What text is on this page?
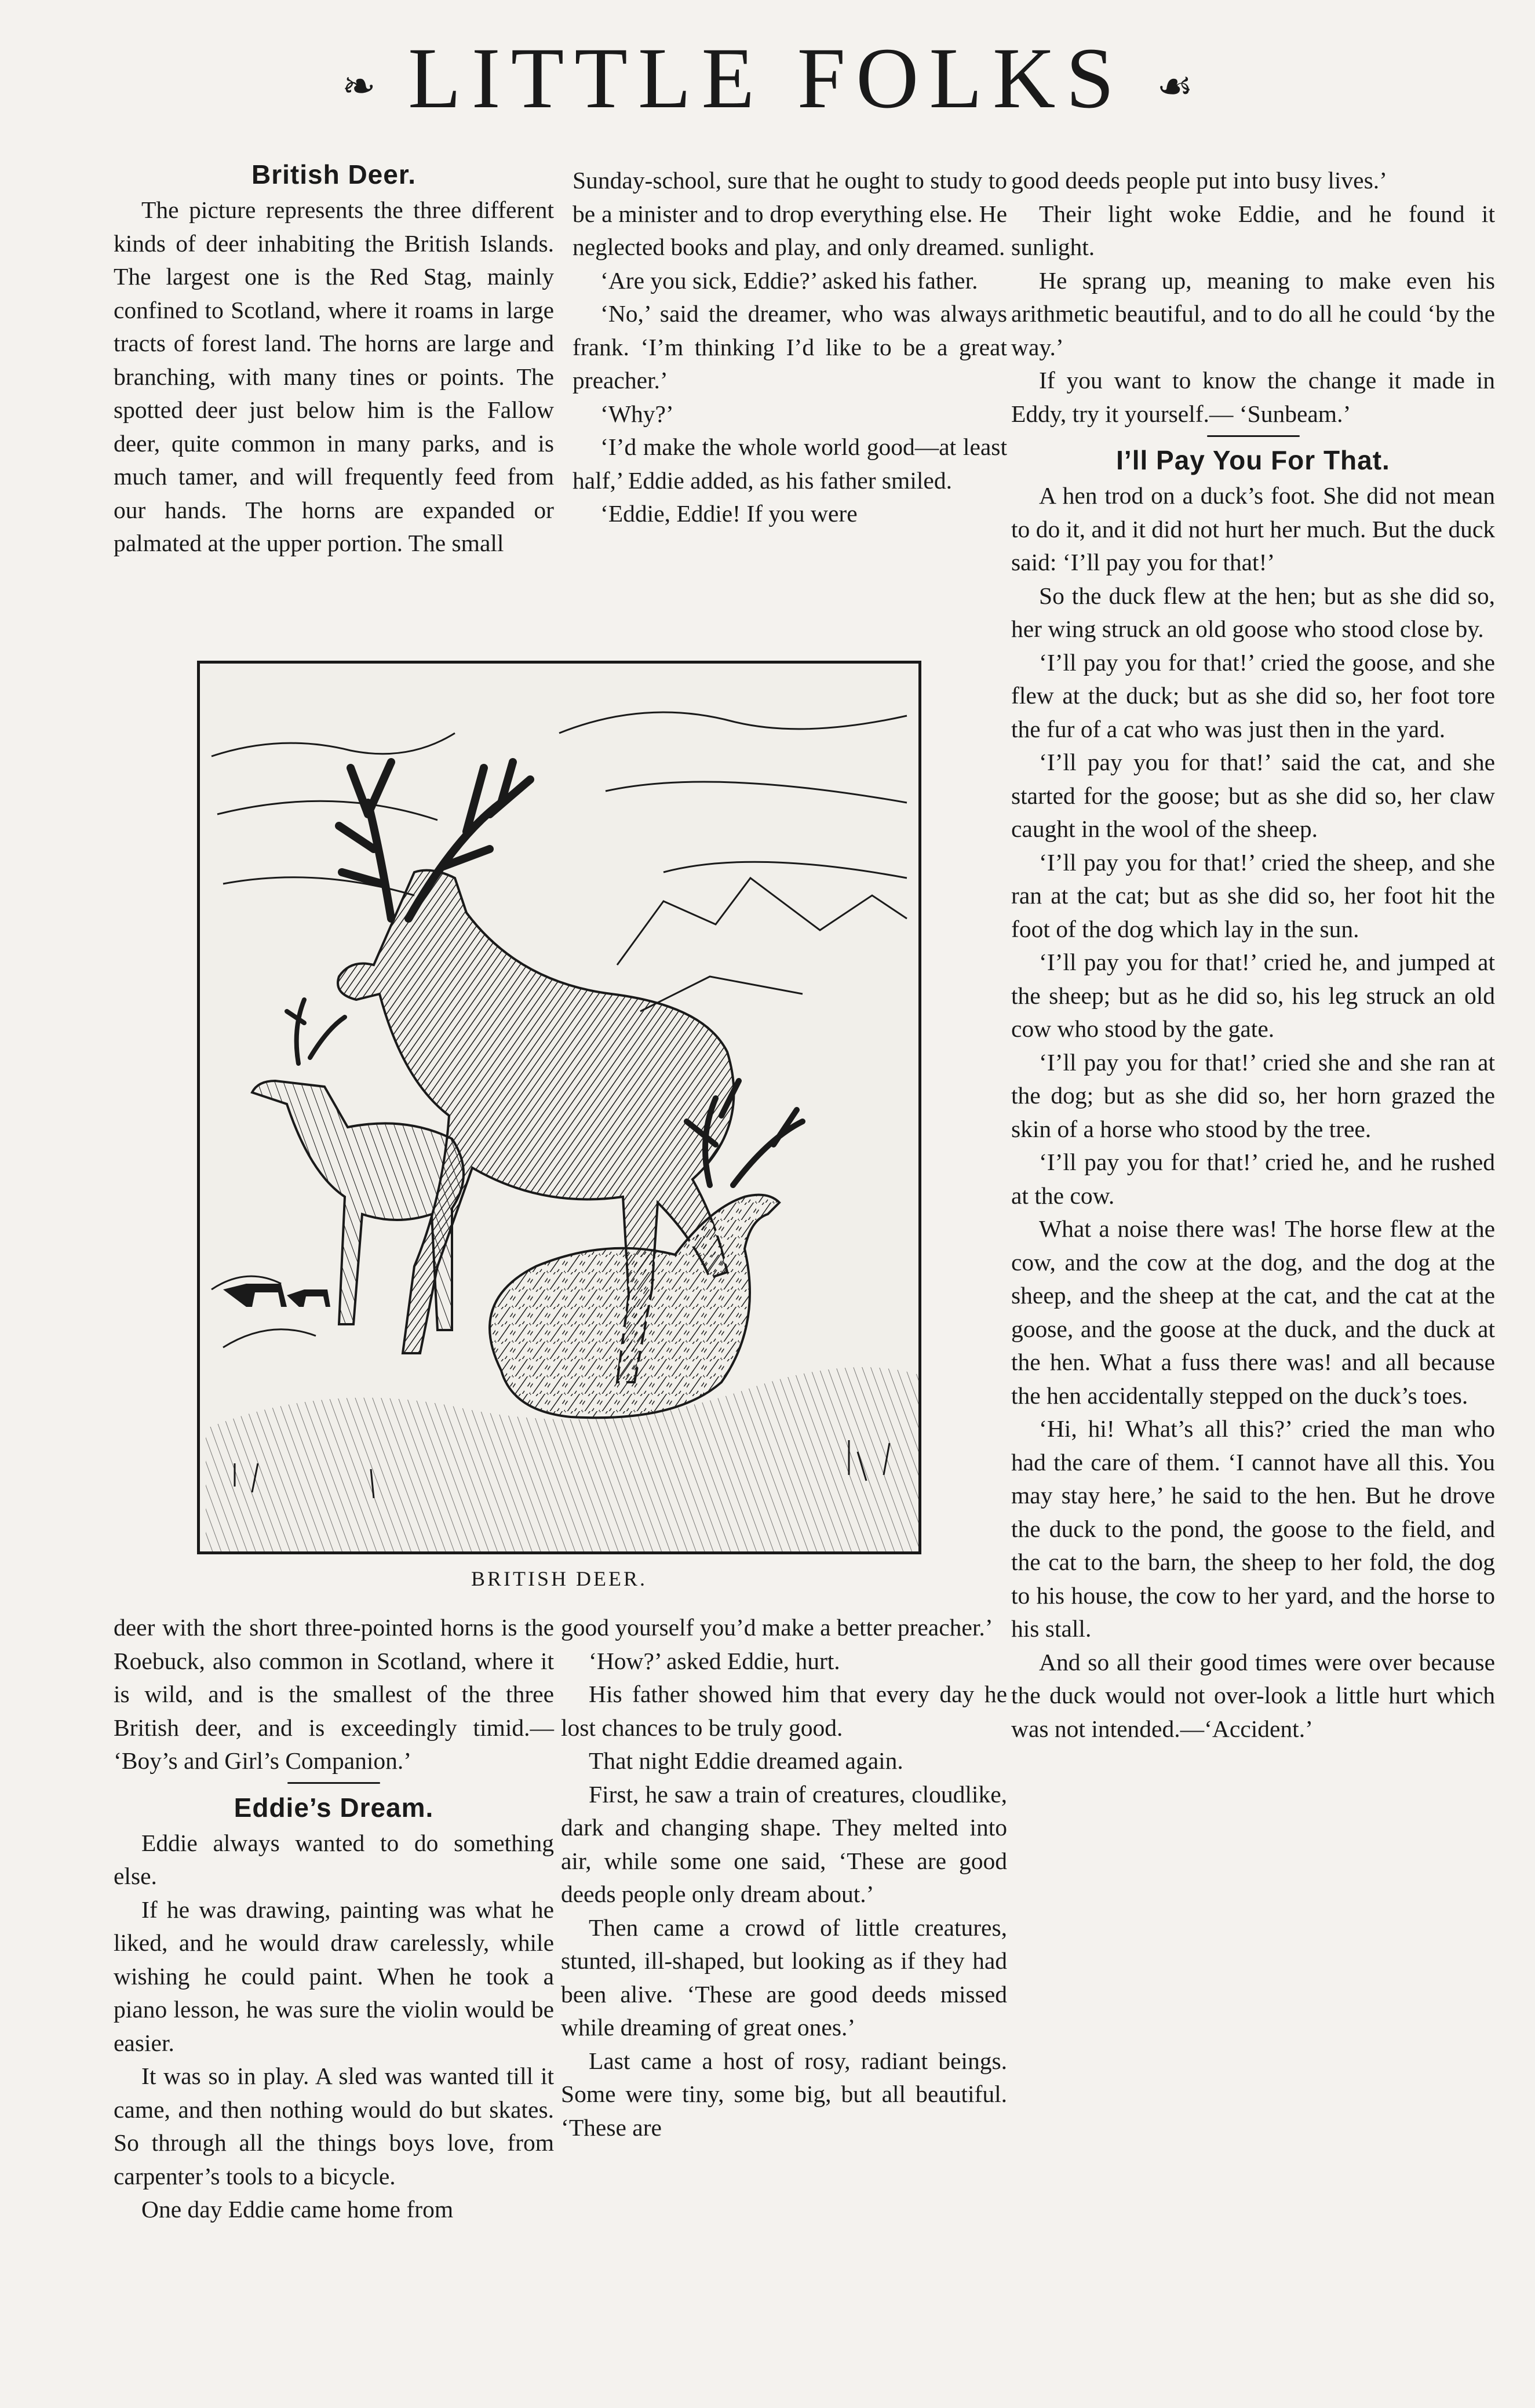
❧ LITTLE FOLKS ☙
British Deer.

The picture represents the three different kinds of deer inhabiting the British Islands. The largest one is the Red Stag, mainly confined to Scotland, where it roams in large tracts of forest land. The horns are large and branching, with many tines or points. The spotted deer just below him is the Fallow deer, quite common in many parks, and is much tamer, and will frequently feed from our hands. The horns are expanded or palmated at the upper portion. The small

Sunday-school, sure that he ought to study to be a minister and to drop everything else. He neglected books and play, and only dreamed.

‘Are you sick, Eddie?’ asked his father.

‘No,’ said the dreamer, who was always frank. ‘I’m thinking I’d like to be a great preacher.’

‘Why?’

‘I’d make the whole world good—at least half,’ Eddie added, as his father smiled.

‘Eddie, Eddie! If you were

good deeds people put into busy lives.’

Their light woke Eddie, and he found it sunlight.

He sprang up, meaning to make even his arithmetic beautiful, and to do all he could ‘by the way.’

If you want to know the change it made in Eddy, try it yourself.— ‘Sunbeam.’

I’ll Pay You For That.

A hen trod on a duck’s foot. She did not mean to do it, and it did not hurt her much. But the duck said: ‘I’ll pay you for that!’

So the duck flew at the hen; but as she did so, her wing struck an old goose who stood close by.

‘I’ll pay you for that!’ cried the goose, and she flew at the duck; but as she did so, her foot tore the fur of a cat who was just then in the yard.

‘I’ll pay you for that!’ said the cat, and she started for the goose; but as she did so, her claw caught in the wool of the sheep.

‘I’ll pay you for that!’ cried the sheep, and she ran at the cat; but as she did so, her foot hit the foot of the dog which lay in the sun.

‘I’ll pay you for that!’ cried he, and jumped at the sheep; but as he did so, his leg struck an old cow who stood by the gate.

‘I’ll pay you for that!’ cried she and she ran at the dog; but as she did so, her horn grazed the skin of a horse who stood by the tree.

‘I’ll pay you for that!’ cried he, and he rushed at the cow.

What a noise there was! The horse flew at the cow, and the cow at the dog, and the dog at the sheep, and the sheep at the cat, and the cat at the goose, and the goose at the duck, and the duck at the hen. What a fuss there was! and all because the hen accidentally stepped on the duck’s toes.

‘Hi, hi! What’s all this?’ cried the man who had the care of them. ‘I cannot have all this. You may stay here,’ he said to the hen. But he drove the duck to the pond, the goose to the field, and the cat to the barn, the sheep to her fold, the dog to his house, the cow to her yard, and the horse to his stall.

And so all their good times were over because the duck would not over-look a little hurt which was not intended.—‘Accident.’

BRITISH DEER.

deer with the short three-pointed horns is the Roebuck, also common in Scotland, where it is wild, and is the smallest of the three British deer, and is exceedingly timid.— ‘Boy’s and Girl’s Companion.’

Eddie’s Dream.

Eddie always wanted to do something else.

If he was drawing, painting was what he liked, and he would draw carelessly, while wishing he could paint. When he took a piano lesson, he was sure the violin would be easier.

It was so in play. A sled was wanted till it came, and then nothing would do but skates. So through all the things boys love, from carpenter’s tools to a bicycle.

One day Eddie came home from

good yourself you’d make a better preacher.’

‘How?’ asked Eddie, hurt.

His father showed him that every day he lost chances to be truly good.

That night Eddie dreamed again.

First, he saw a train of creatures, cloudlike, dark and changing shape. They melted into air, while some one said, ‘These are good deeds people only dream about.’

Then came a crowd of little creatures, stunted, ill-shaped, but looking as if they had been alive. ‘These are good deeds missed while dreaming of great ones.’

Last came a host of rosy, radiant beings. Some were tiny, some big, but all beautiful. ‘These are
